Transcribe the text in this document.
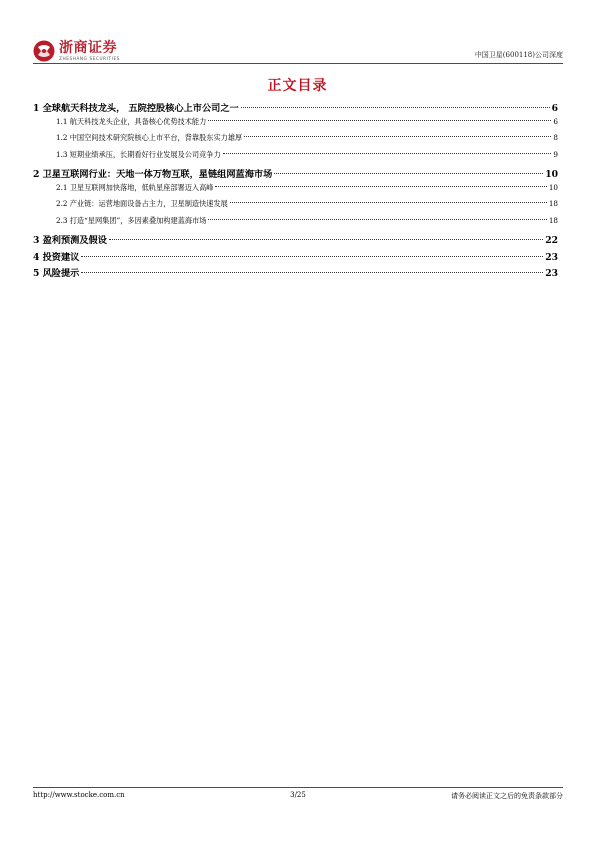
浙商证券
ZHESHANG SECURITIES	中国卫星(600118)公司深度
正文目录
1 全球航天科技龙头， 五院控股核心上市公司之一	6
1.1 航天科技龙头企业，具备核心优势技术能力	6
1.2 中国空间技术研究院核心上市平台，背靠股东实力雄厚	8
1.3 短期业绩承压，长期看好行业发展及公司竞争力	9
2 卫星互联网行业：天地一体万物互联，星链组网蓝海市场	10
2.1 卫星互联网加快落地，低轨星座部署迈入高峰	10
2.2 产业链：运营地面设备占主力，卫星制造快速发展	18
2.3 打造“星网集团”，多因素叠加构建蓝海市场	18
3 盈利预测及假设	22
4 投资建议	23
5 风险提示	23
http://www.stocke.com.cn	3/25	请务必阅读正文之后的免责条款部分
